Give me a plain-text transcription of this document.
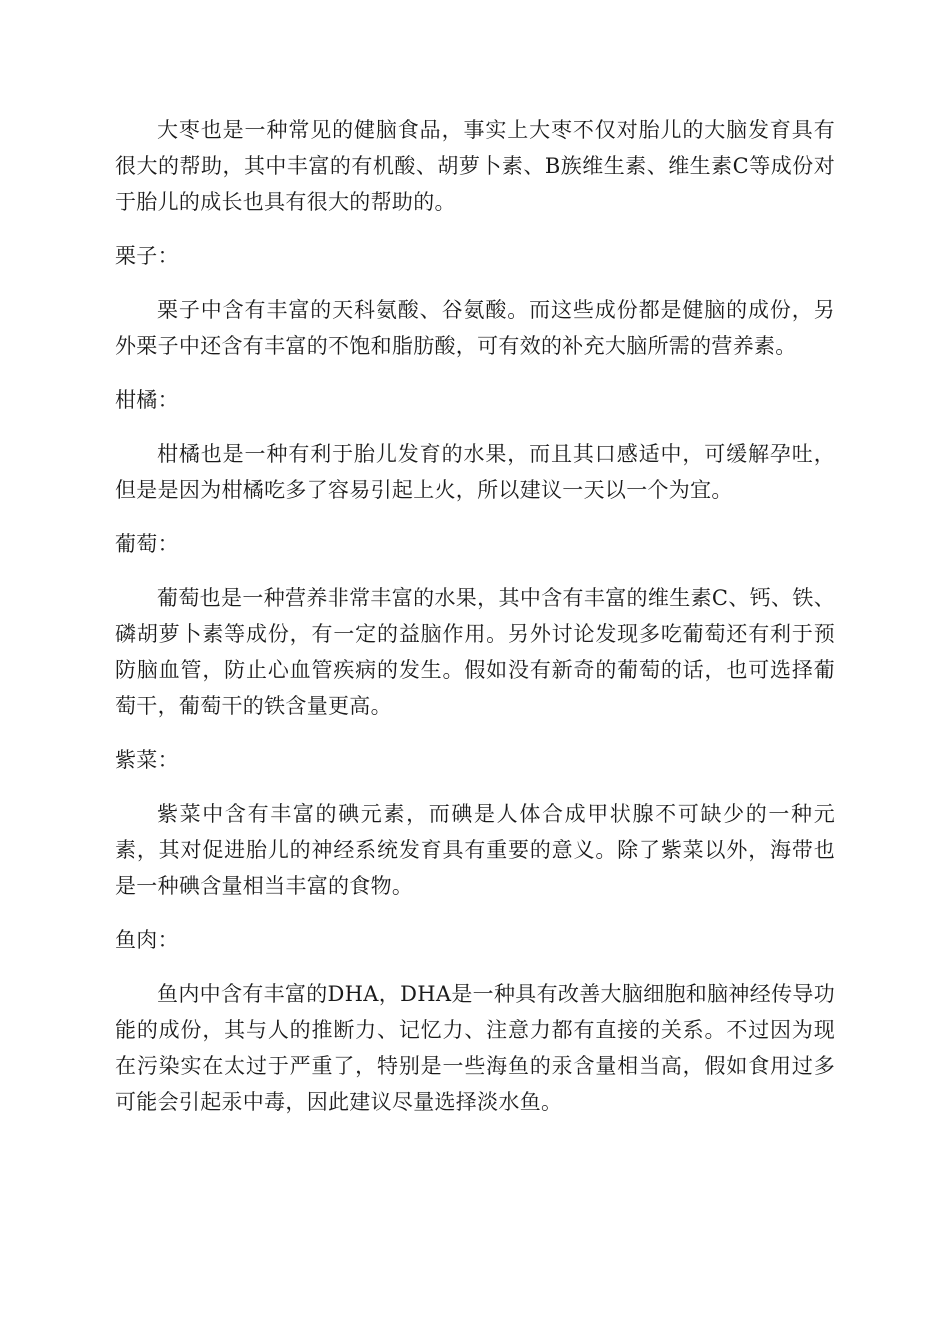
大枣也是一种常见的健脑食品，事实上大枣不仅对胎儿的大脑发育具有很大的帮助，其中丰富的有机酸、胡萝卜素、B族维生素、维生素C等成份对于胎儿的成长也具有很大的帮助的。

栗子：

栗子中含有丰富的天科氨酸、谷氨酸。而这些成份都是健脑的成份，另外栗子中还含有丰富的不饱和脂肪酸，可有效的补充大脑所需的营养素。

柑橘：

柑橘也是一种有利于胎儿发育的水果，而且其口感适中，可缓解孕吐，但是是因为柑橘吃多了容易引起上火，所以建议一天以一个为宜。

葡萄：

葡萄也是一种营养非常丰富的水果，其中含有丰富的维生素C、钙、铁、磷胡萝卜素等成份，有一定的益脑作用。另外讨论发现多吃葡萄还有利于预防脑血管，防止心血管疾病的发生。假如没有新奇的葡萄的话，也可选择葡萄干，葡萄干的铁含量更高。

紫菜：

紫菜中含有丰富的碘元素，而碘是人体合成甲状腺不可缺少的一种元素，其对促进胎儿的神经系统发育具有重要的意义。除了紫菜以外，海带也是一种碘含量相当丰富的食物。

鱼肉：

鱼内中含有丰富的DHA，DHA是一种具有改善大脑细胞和脑神经传导功能的成份，其与人的推断力、记忆力、注意力都有直接的关系。不过因为现在污染实在太过于严重了，特别是一些海鱼的汞含量相当高，假如食用过多可能会引起汞中毒，因此建议尽量选择淡水鱼。
